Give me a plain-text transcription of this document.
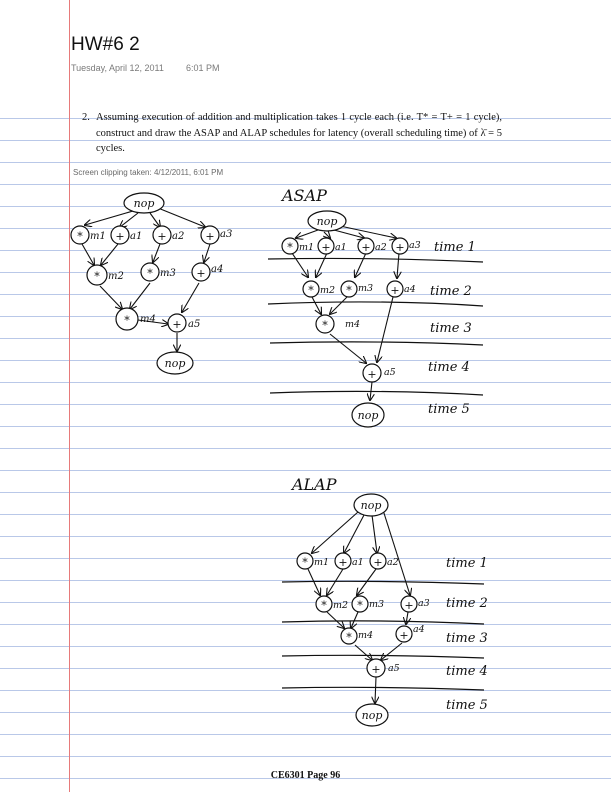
HW#6 2
Tuesday, April 12, 2011 6:01 PM
2. Assuming execution of addition and multiplication takes 1 cycle each (i.e. T* = T+ = 1 cycle), construct and draw the ASAP and ALAP schedules for latency (overall scheduling time) of λ̄ = 5 cycles.
Screen clipping taken: 4/12/2011, 6:01 PM
nop
*	+	+	+
*	*	+
*	+
nop
m1 a1	a2	a3
m2	m3	a4
m4	a5
ASAP
nop
*	+	+ +
*	*	+
*
+
nop
m1 a1	a2 a3
m2 m3	a4
m4
a5
time 1
time 2
time 3
time 4
time 5
ALAP
nop
*	+ +
*	*	+
*	+
+
nop
m1 a1 a2
m2 m3	a3
m4
a4
a5
time 1
time 2
time 3
time 4
time 5
CE6301 Page 96
